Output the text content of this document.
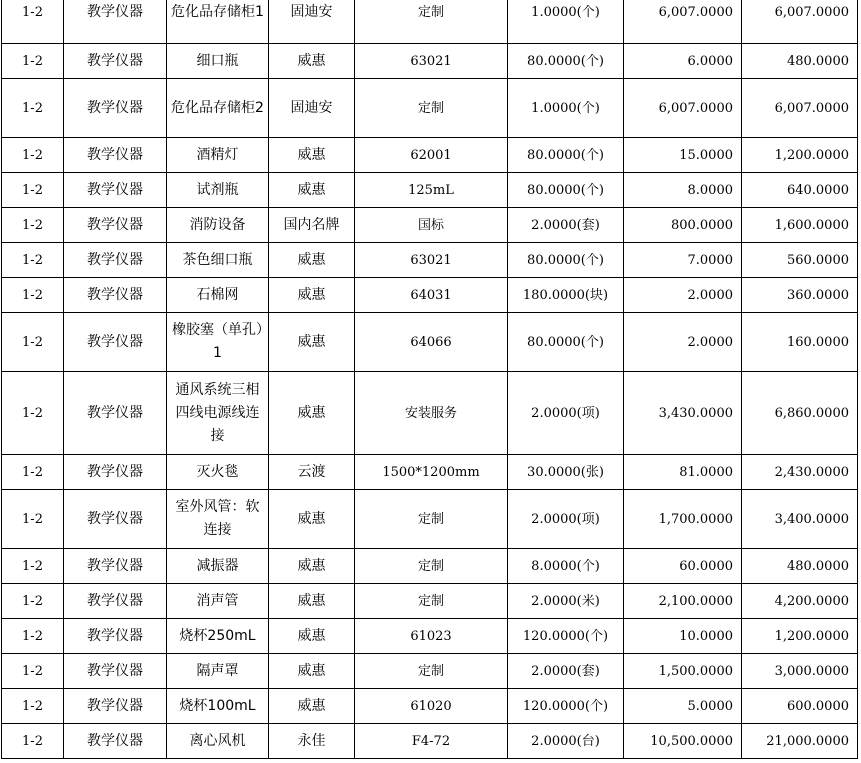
1-2	教学仪器	危化品存储柜1	固迪安	定制	1.0000(个)	6,007.0000	6,007.0000
1-2	教学仪器	细口瓶	威惠	63021	80.0000(个)	6.0000	480.0000
1-2	教学仪器	危化品存储柜2	固迪安	定制	1.0000(个)	6,007.0000	6,007.0000
1-2	教学仪器	酒精灯	威惠	62001	80.0000(个)	15.0000	1,200.0000
1-2	教学仪器	试剂瓶	威惠	125mL	80.0000(个)	8.0000	640.0000
1-2	教学仪器	消防设备	国内名牌	国标	2.0000(套)	800.0000	1,600.0000
1-2	教学仪器	茶色细口瓶	威惠	63021	80.0000(个)	7.0000	560.0000
1-2	教学仪器	石棉网	威惠	64031	180.0000(块)	2.0000	360.0000
1-2	教学仪器	橡胶塞（单孔）1	威惠	64066	80.0000(个)	2.0000	160.0000
1-2	教学仪器	通风系统三相四线电源线连接	威惠	安装服务	2.0000(项)	3,430.0000	6,860.0000
1-2	教学仪器	灭火毯	云渡	1500*1200mm	30.0000(张)	81.0000	2,430.0000
1-2	教学仪器	室外风管：软连接	威惠	定制	2.0000(项)	1,700.0000	3,400.0000
1-2	教学仪器	减振器	威惠	定制	8.0000(个)	60.0000	480.0000
1-2	教学仪器	消声管	威惠	定制	2.0000(米)	2,100.0000	4,200.0000
1-2	教学仪器	烧杯250mL	威惠	61023	120.0000(个)	10.0000	1,200.0000
1-2	教学仪器	隔声罩	威惠	定制	2.0000(套)	1,500.0000	3,000.0000
1-2	教学仪器	烧杯100mL	威惠	61020	120.0000(个)	5.0000	600.0000
1-2	教学仪器	离心风机	永佳	F4-72	2.0000(台)	10,500.0000	21,000.0000
